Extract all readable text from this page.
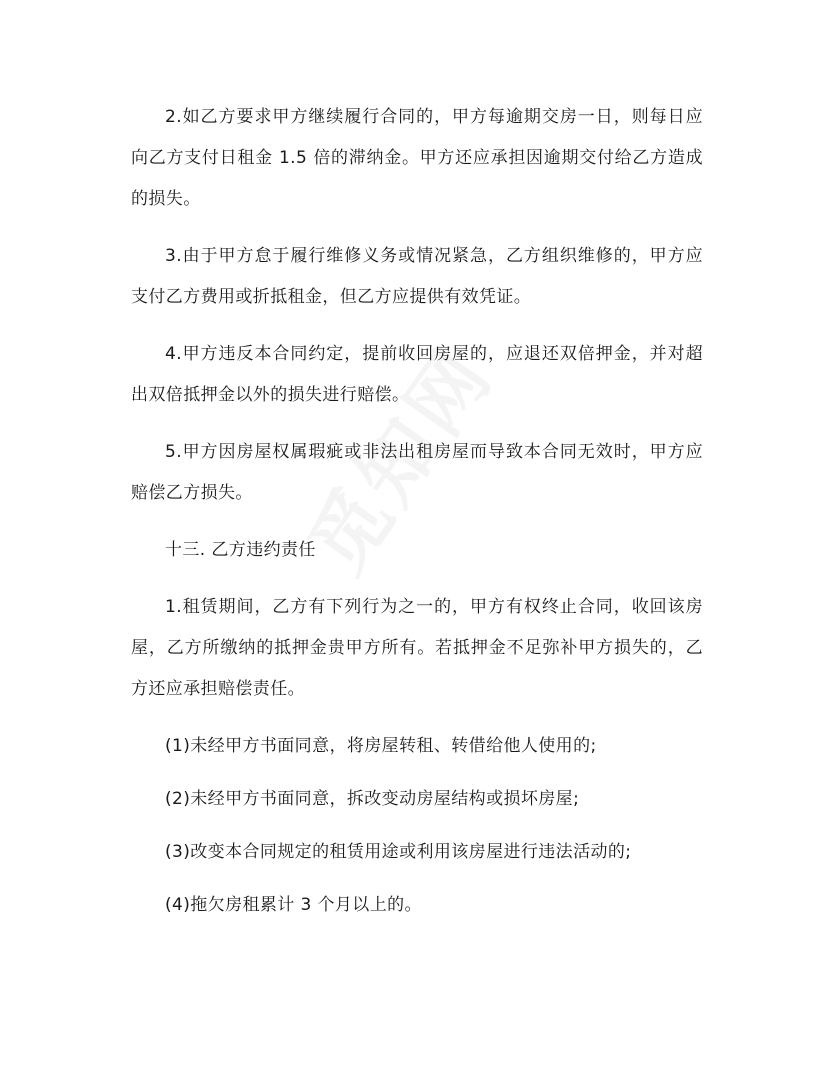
2.如乙方要求甲方继续履行合同的，甲方每逾期交房一日，则每日应向乙方支付日租金 1.5 倍的滞纳金。甲方还应承担因逾期交付给乙方造成的损失。

3.由于甲方怠于履行维修义务或情况紧急，乙方组织维修的，甲方应支付乙方费用或折抵租金，但乙方应提供有效凭证。

4.甲方违反本合同约定，提前收回房屋的，应退还双倍押金，并对超出双倍抵押金以外的损失进行赔偿。

5.甲方因房屋权属瑕疵或非法出租房屋而导致本合同无效时，甲方应赔偿乙方损失。

十三. 乙方违约责任

1.租赁期间，乙方有下列行为之一的，甲方有权终止合同，收回该房屋，乙方所缴纳的抵押金贵甲方所有。若抵押金不足弥补甲方损失的，乙方还应承担赔偿责任。

(1)未经甲方书面同意，将房屋转租、转借给他人使用的;

(2)未经甲方书面同意，拆改变动房屋结构或损坏房屋;

(3)改变本合同规定的租赁用途或利用该房屋进行违法活动的;

(4)拖欠房租累计 3 个月以上的。
